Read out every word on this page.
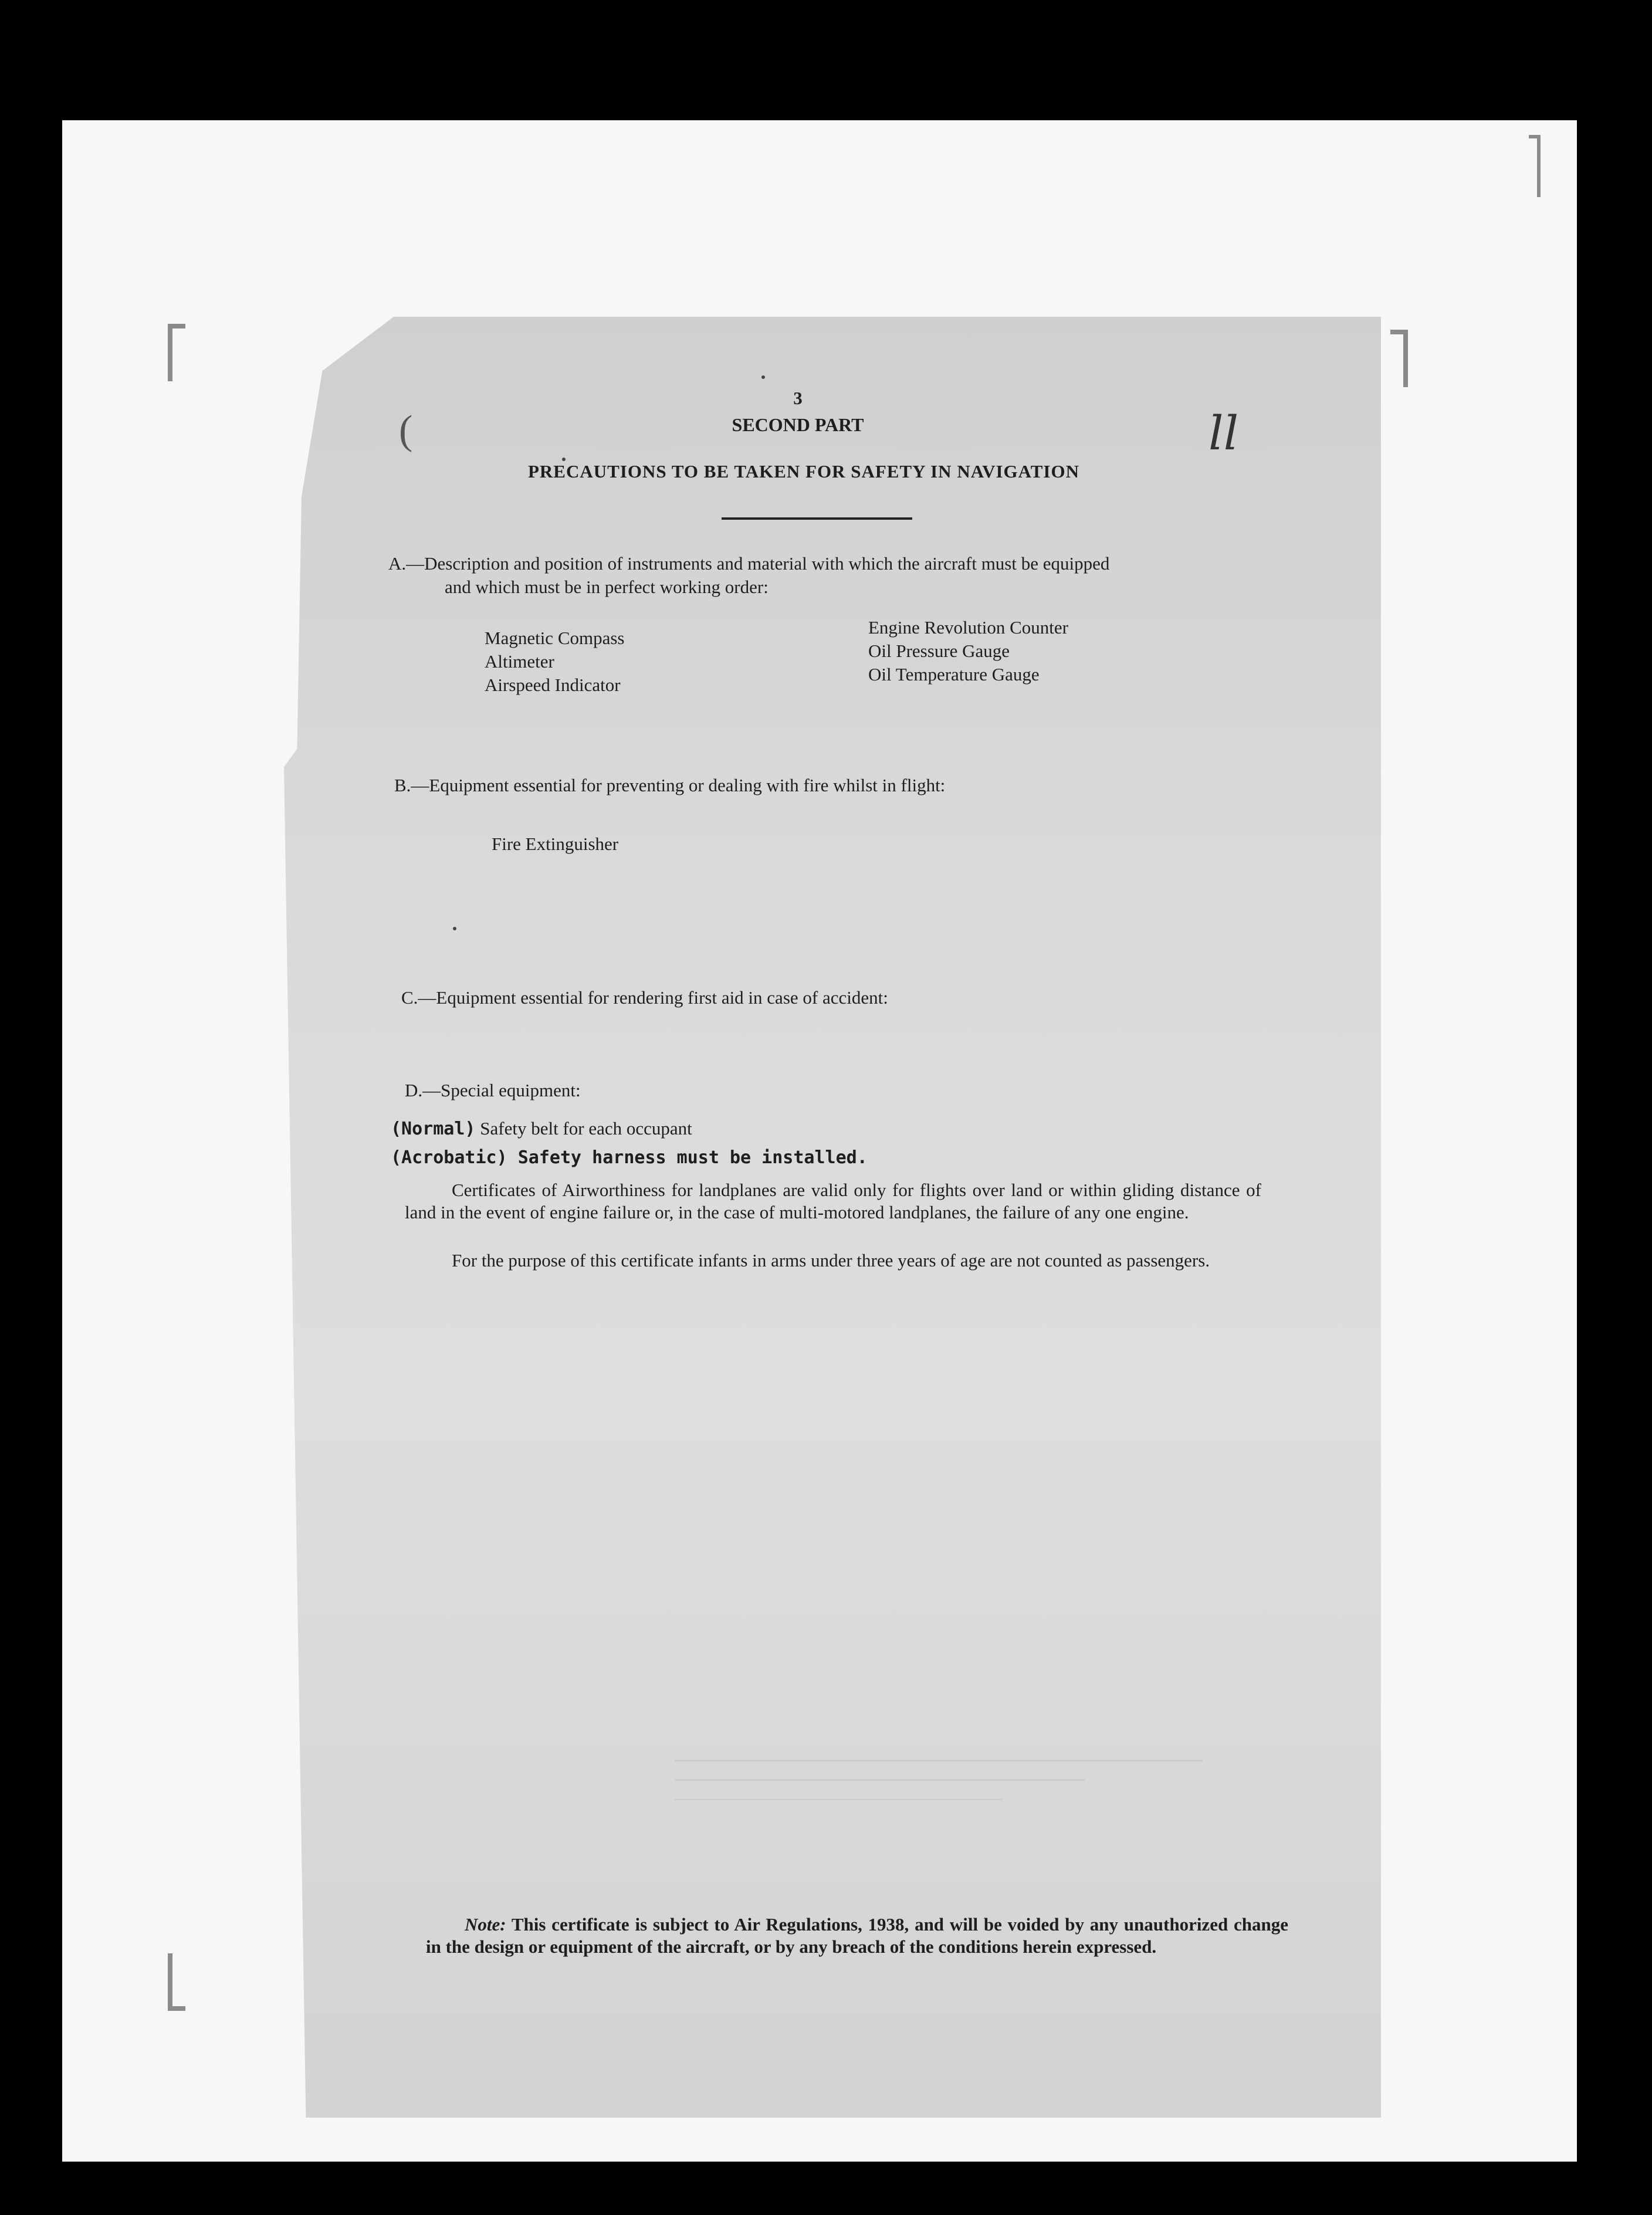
3
SECOND PART
PRECAUTIONS TO BE TAKEN FOR SAFETY IN NAVIGATION
ll
(
A.—Description and position of instruments and material with which the aircraft must be equipped
and which must be in perfect working order:
Magnetic Compass
Altimeter
Airspeed Indicator
Engine Revolution Counter
Oil Pressure Gauge
Oil Temperature Gauge
B.—Equipment essential for preventing or dealing with fire whilst in flight:
Fire Extinguisher
C.—Equipment essential for rendering first aid in case of accident:
D.—Special equipment:
(Normal) Safety belt for each occupant
(Acrobatic) Safety harness must be installed.
Certificates of Airworthiness for landplanes are valid only for flights over land or within gliding distance of land in the event of engine failure or, in the case of multi-motored landplanes, the failure of any one engine.
For the purpose of this certificate infants in arms under three years of age are not counted as passengers.
Note: This certificate is subject to Air Regulations, 1938, and will be voided by any unauthorized change in the design or equipment of the aircraft, or by any breach of the conditions herein expressed.
